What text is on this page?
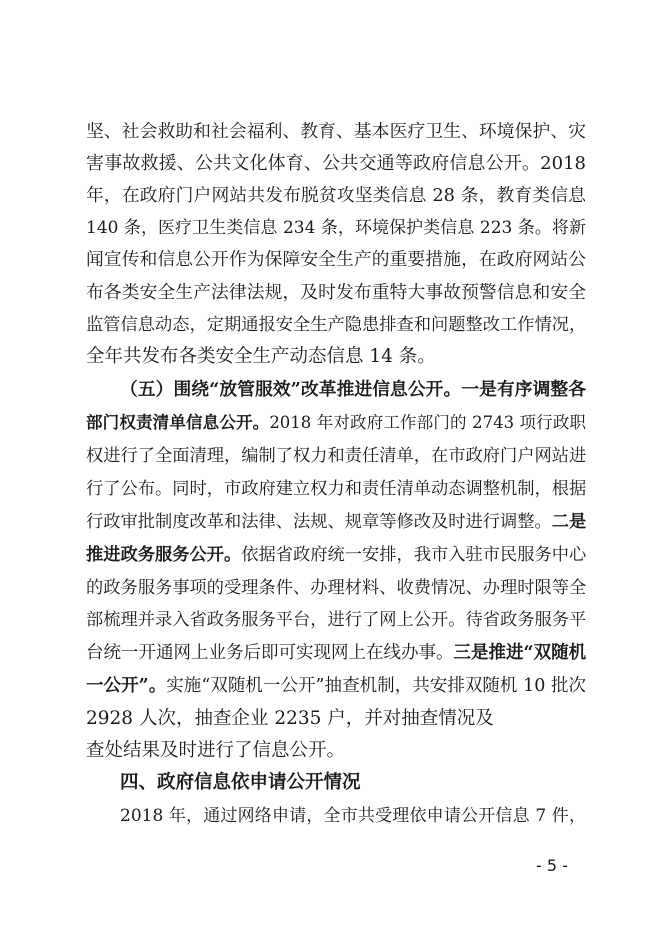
坚、社会救助和社会福利、教育、基本医疗卫生、环境保护、灾
害事故救援、公共文化体育、公共交通等政府信息公开。2018
年，在政府门户网站共发布脱贫攻坚类信息 28 条，教育类信息
140 条，医疗卫生类信息 234 条，环境保护类信息 223 条。将新
闻宣传和信息公开作为保障安全生产的重要措施，在政府网站公
布各类安全生产法律法规，及时发布重特大事故预警信息和安全
监管信息动态，定期通报安全生产隐患排查和问题整改工作情况，
全年共发布各类安全生产动态信息 14 条。
（五）围绕“放管服效”改革推进信息公开。一是有序调整各
部门权责清单信息公开。2018 年对政府工作部门的 2743 项行政职
权进行了全面清理，编制了权力和责任清单，在市政府门户网站进
行了公布。同时，市政府建立权力和责任清单动态调整机制，根据
行政审批制度改革和法律、法规、规章等修改及时进行调整。二是
推进政务服务公开。依据省政府统一安排，我市入驻市民服务中心
的政务服务事项的受理条件、办理材料、收费情况、办理时限等全
部梳理并录入省政务服务平台，进行了网上公开。待省政务服务平
台统一开通网上业务后即可实现网上在线办事。三是推进“双随机
一公开”。实施“双随机一公开”抽查机制，共安排双随机 10 批次
2928 人次，抽查企业 2235 户，并对抽查情况及
查处结果及时进行了信息公开。
四、政府信息依申请公开情况
2018 年，通过网络申请，全市共受理依申请公开信息 7 件，
- 5 -
